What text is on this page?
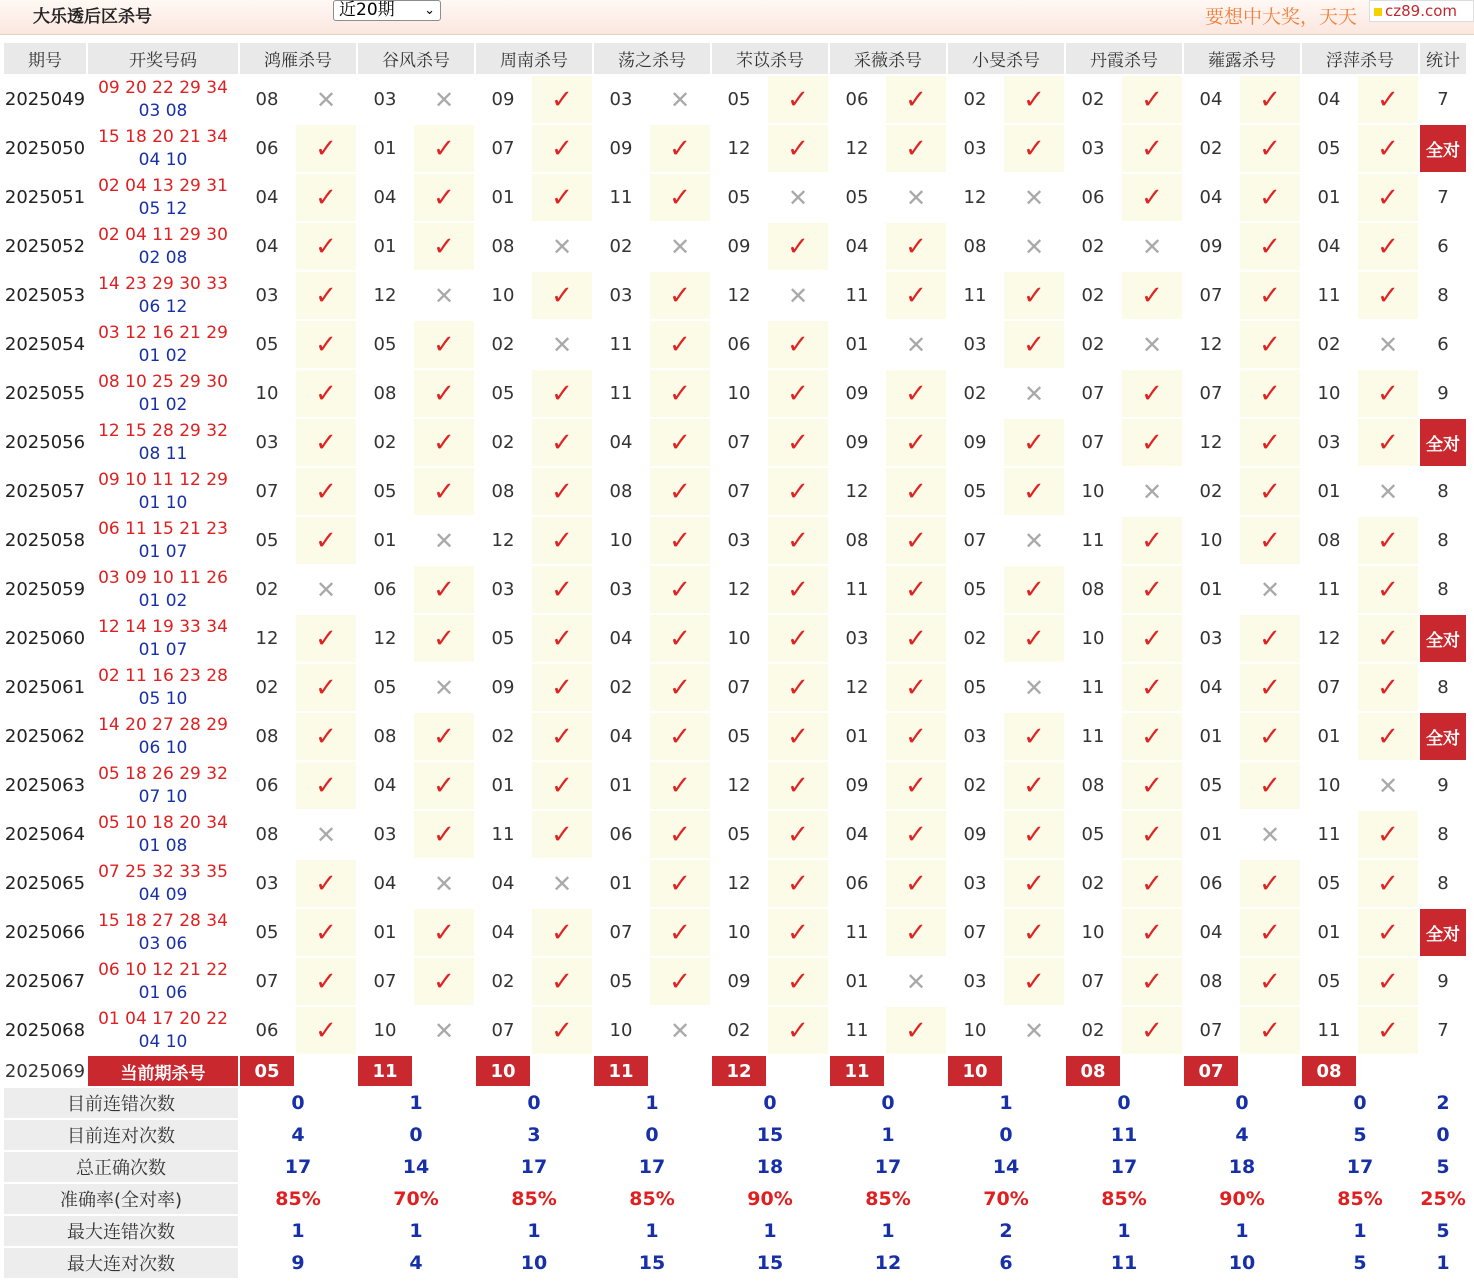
大乐透后区杀号	近20期 ⌄	要想中大奖，天天	cz89.com
期号	开奖号码	鸿雁杀号		谷风杀号		周南杀号		荡之杀号		芣苡杀号		采薇杀号		小旻杀号		丹霞杀号		蕹露杀号		浮萍杀号		统计
2025049	09 20 22 29 34
03 08	08	✕	03	✕	09	✓	03	✕	05	✓	06	✓	02	✓	02	✓	04	✓	04	✓	7
2025050	15 18 20 21 34
04 10	06	✓	01	✓	07	✓	09	✓	12	✓	12	✓	03	✓	03	✓	02	✓	05	✓	全对
2025051	02 04 13 29 31
05 12	04	✓	04	✓	01	✓	11	✓	05	✕	05	✕	12	✕	06	✓	04	✓	01	✓	7
2025052	02 04 11 29 30
02 08	04	✓	01	✓	08	✕	02	✕	09	✓	04	✓	08	✕	02	✕	09	✓	04	✓	6
2025053	14 23 29 30 33
06 12	03	✓	12	✕	10	✓	03	✓	12	✕	11	✓	11	✓	02	✓	07	✓	11	✓	8
2025054	03 12 16 21 29
01 02	05	✓	05	✓	02	✕	11	✓	06	✓	01	✕	03	✓	02	✕	12	✓	02	✕	6
2025055	08 10 25 29 30
01 02	10	✓	08	✓	05	✓	11	✓	10	✓	09	✓	02	✕	07	✓	07	✓	10	✓	9
2025056	12 15 28 29 32
08 11	03	✓	02	✓	02	✓	04	✓	07	✓	09	✓	09	✓	07	✓	12	✓	03	✓	全对
2025057	09 10 11 12 29
01 10	07	✓	05	✓	08	✓	08	✓	07	✓	12	✓	05	✓	10	✕	02	✓	01	✕	8
2025058	06 11 15 21 23
01 07	05	✓	01	✕	12	✓	10	✓	03	✓	08	✓	07	✕	11	✓	10	✓	08	✓	8
2025059	03 09 10 11 26
01 02	02	✕	06	✓	03	✓	03	✓	12	✓	11	✓	05	✓	08	✓	01	✕	11	✓	8
2025060	12 14 19 33 34
01 07	12	✓	12	✓	05	✓	04	✓	10	✓	03	✓	02	✓	10	✓	03	✓	12	✓	全对
2025061	02 11 16 23 28
05 10	02	✓	05	✕	09	✓	02	✓	07	✓	12	✓	05	✕	11	✓	04	✓	07	✓	8
2025062	14 20 27 28 29
06 10	08	✓	08	✓	02	✓	04	✓	05	✓	01	✓	03	✓	11	✓	01	✓	01	✓	全对
2025063	05 18 26 29 32
07 10	06	✓	04	✓	01	✓	01	✓	12	✓	09	✓	02	✓	08	✓	05	✓	10	✕	9
2025064	05 10 18 20 34
01 08	08	✕	03	✓	11	✓	06	✓	05	✓	04	✓	09	✓	05	✓	01	✕	11	✓	8
2025065	07 25 32 33 35
04 09	03	✓	04	✕	04	✕	01	✓	12	✓	06	✓	03	✓	02	✓	06	✓	05	✓	8
2025066	15 18 27 28 34
03 06	05	✓	01	✓	04	✓	07	✓	10	✓	11	✓	07	✓	10	✓	04	✓	01	✓	全对
2025067	06 10 12 21 22
01 06	07	✓	07	✓	02	✓	05	✓	09	✓	01	✕	03	✓	07	✓	08	✓	05	✓	9
2025068	01 04 17 20 22
04 10	06	✓	10	✕	07	✓	10	✕	02	✓	11	✓	10	✕	02	✓	07	✓	11	✓	7
2025069	当前期杀号	05		11		10		11		12		11		10		08		07		08		
目前连错次数		0		1		0		1		0		0		1		0		0		0		2
目前连对次数		4		0		3		0		15		1		0		11		4		5		0
总正确次数		17		14		17		17		18		17		14		17		18		17		5
准确率(全对率)		85%		70%		85%		85%		90%		85%		70%		85%		90%		85%		25%
最大连错次数		1		1		1		1		1		1		2		1		1		1		5
最大连对次数		9		4		10		15		15		12		6		11		10		5		1
